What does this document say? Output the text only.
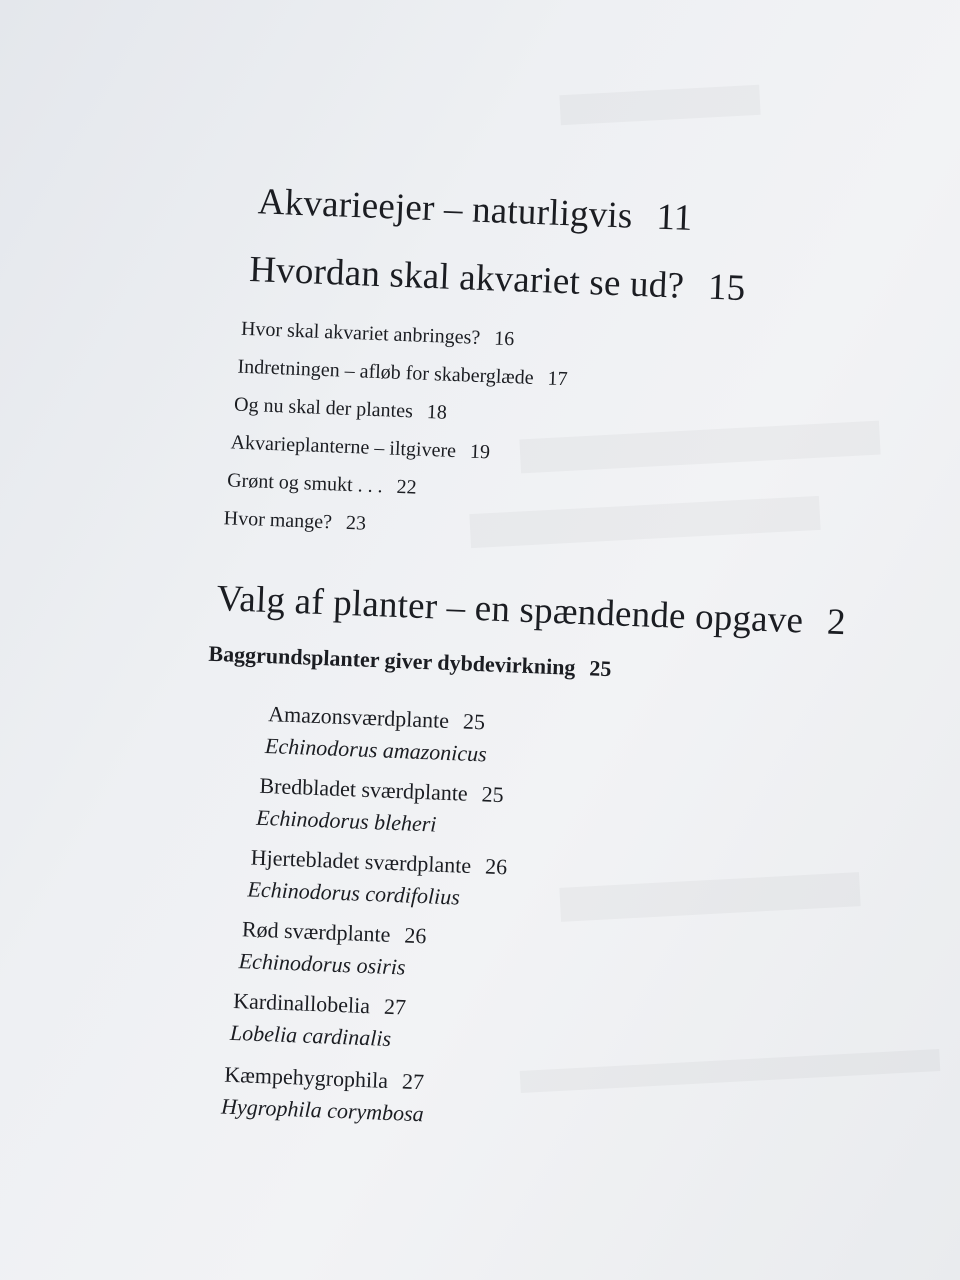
Akvarieejer – naturligvis 11
Hvordan skal akvariet se ud? 15
Hvor skal akvariet anbringes? 16
Indretningen – afløb for skaberglæde 17
Og nu skal der plantes 18
Akvarieplanterne – iltgivere 19
Grønt og smukt . . . 22
Hvor mange? 23
Valg af planter – en spændende opgave 2
Baggrundsplanter giver dybdevirkning 25
Amazonsværdplante 25
Echinodorus amazonicus
Bredbladet sværdplante 25
Echinodorus bleheri
Hjertebladet sværdplante 26
Echinodorus cordifolius
Rød sværdplante 26
Echinodorus osiris
Kardinallobelia 27
Lobelia cardinalis
Kæmpehygrophila 27
Hygrophila corymbosa
